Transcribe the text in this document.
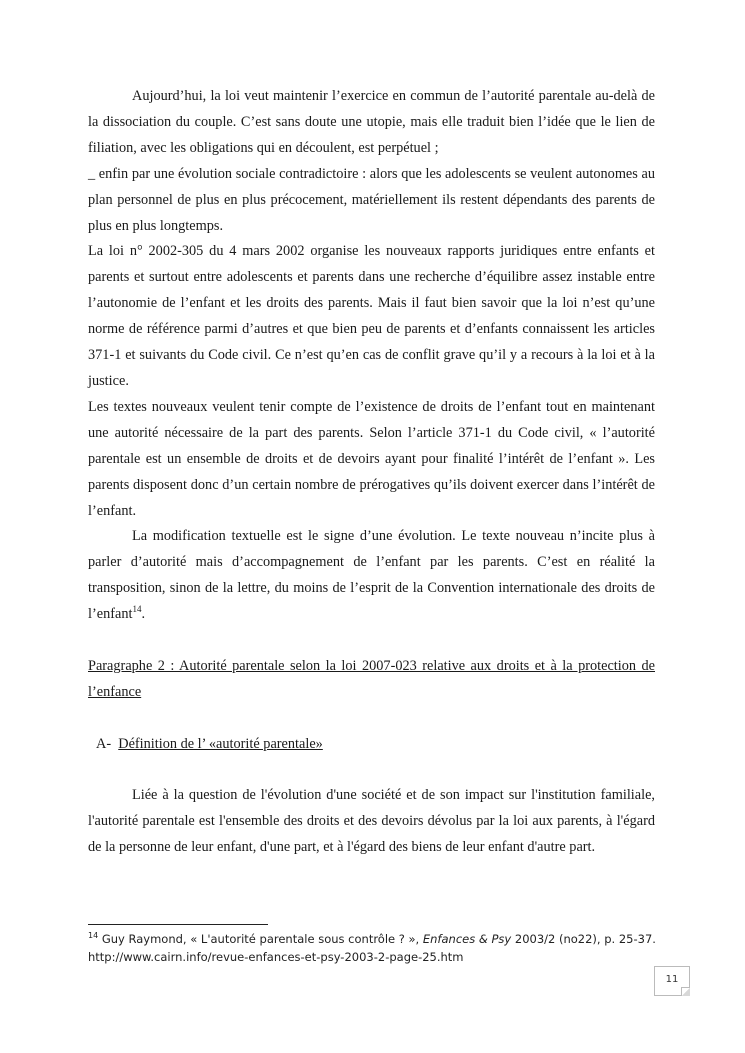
Aujourd’hui, la loi veut maintenir l’exercice en commun de l’autorité parentale au-delà de la dissociation du couple. C’est sans doute une utopie, mais elle traduit bien l’idée que le lien de filiation, avec les obligations qui en découlent, est perpétuel ;

_ enfin par une évolution sociale contradictoire : alors que les adolescents se veulent autonomes au plan personnel de plus en plus précocement, matériellement ils restent dépendants des parents de plus en plus longtemps.

La loi n° 2002-305 du 4 mars 2002 organise les nouveaux rapports juridiques entre enfants et parents et surtout entre adolescents et parents dans une recherche d’équilibre assez instable entre l’autonomie de l’enfant et les droits des parents. Mais il faut bien savoir que la loi n’est qu’une norme de référence parmi d’autres et que bien peu de parents et d’enfants connaissent les articles 371-1 et suivants du Code civil. Ce n’est qu’en cas de conflit grave qu’il y a recours à la loi et à la justice.

Les textes nouveaux veulent tenir compte de l’existence de droits de l’enfant tout en maintenant une autorité nécessaire de la part des parents. Selon l’article 371-1 du Code civil, « l’autorité parentale est un ensemble de droits et de devoirs ayant pour finalité l’intérêt de l’enfant ». Les parents disposent donc d’un certain nombre de prérogatives qu’ils doivent exercer dans l’intérêt de l’enfant.

La modification textuelle est le signe d’une évolution. Le texte nouveau n’incite plus à parler d’autorité mais d’accompagnement de l’enfant par les parents. C’est en réalité la transposition, sinon de la lettre, du moins de l’esprit de la Convention internationale des droits de l’enfant$^{14}$.

Paragraphe 2 : Autorité parentale selon la loi 2007-023 relative aux droits et à la protection de l’enfance

A- Définition de l’ «autorité parentale»

Liée à la question de l'évolution d'une société et de son impact sur l'institution familiale, l'autorité parentale est l'ensemble des droits et des devoirs dévolus par la loi aux parents, à l'égard de la personne de leur enfant, d'une part, et à l'égard des biens de leur enfant d'autre part.

$^{14}$ Guy Raymond, « L'autorité parentale sous contrôle ? », Enfances & Psy 2003/2 (no22), p. 25-37. http://www.cairn.info/revue-enfances-et-psy-2003-2-page-25.htm
11
